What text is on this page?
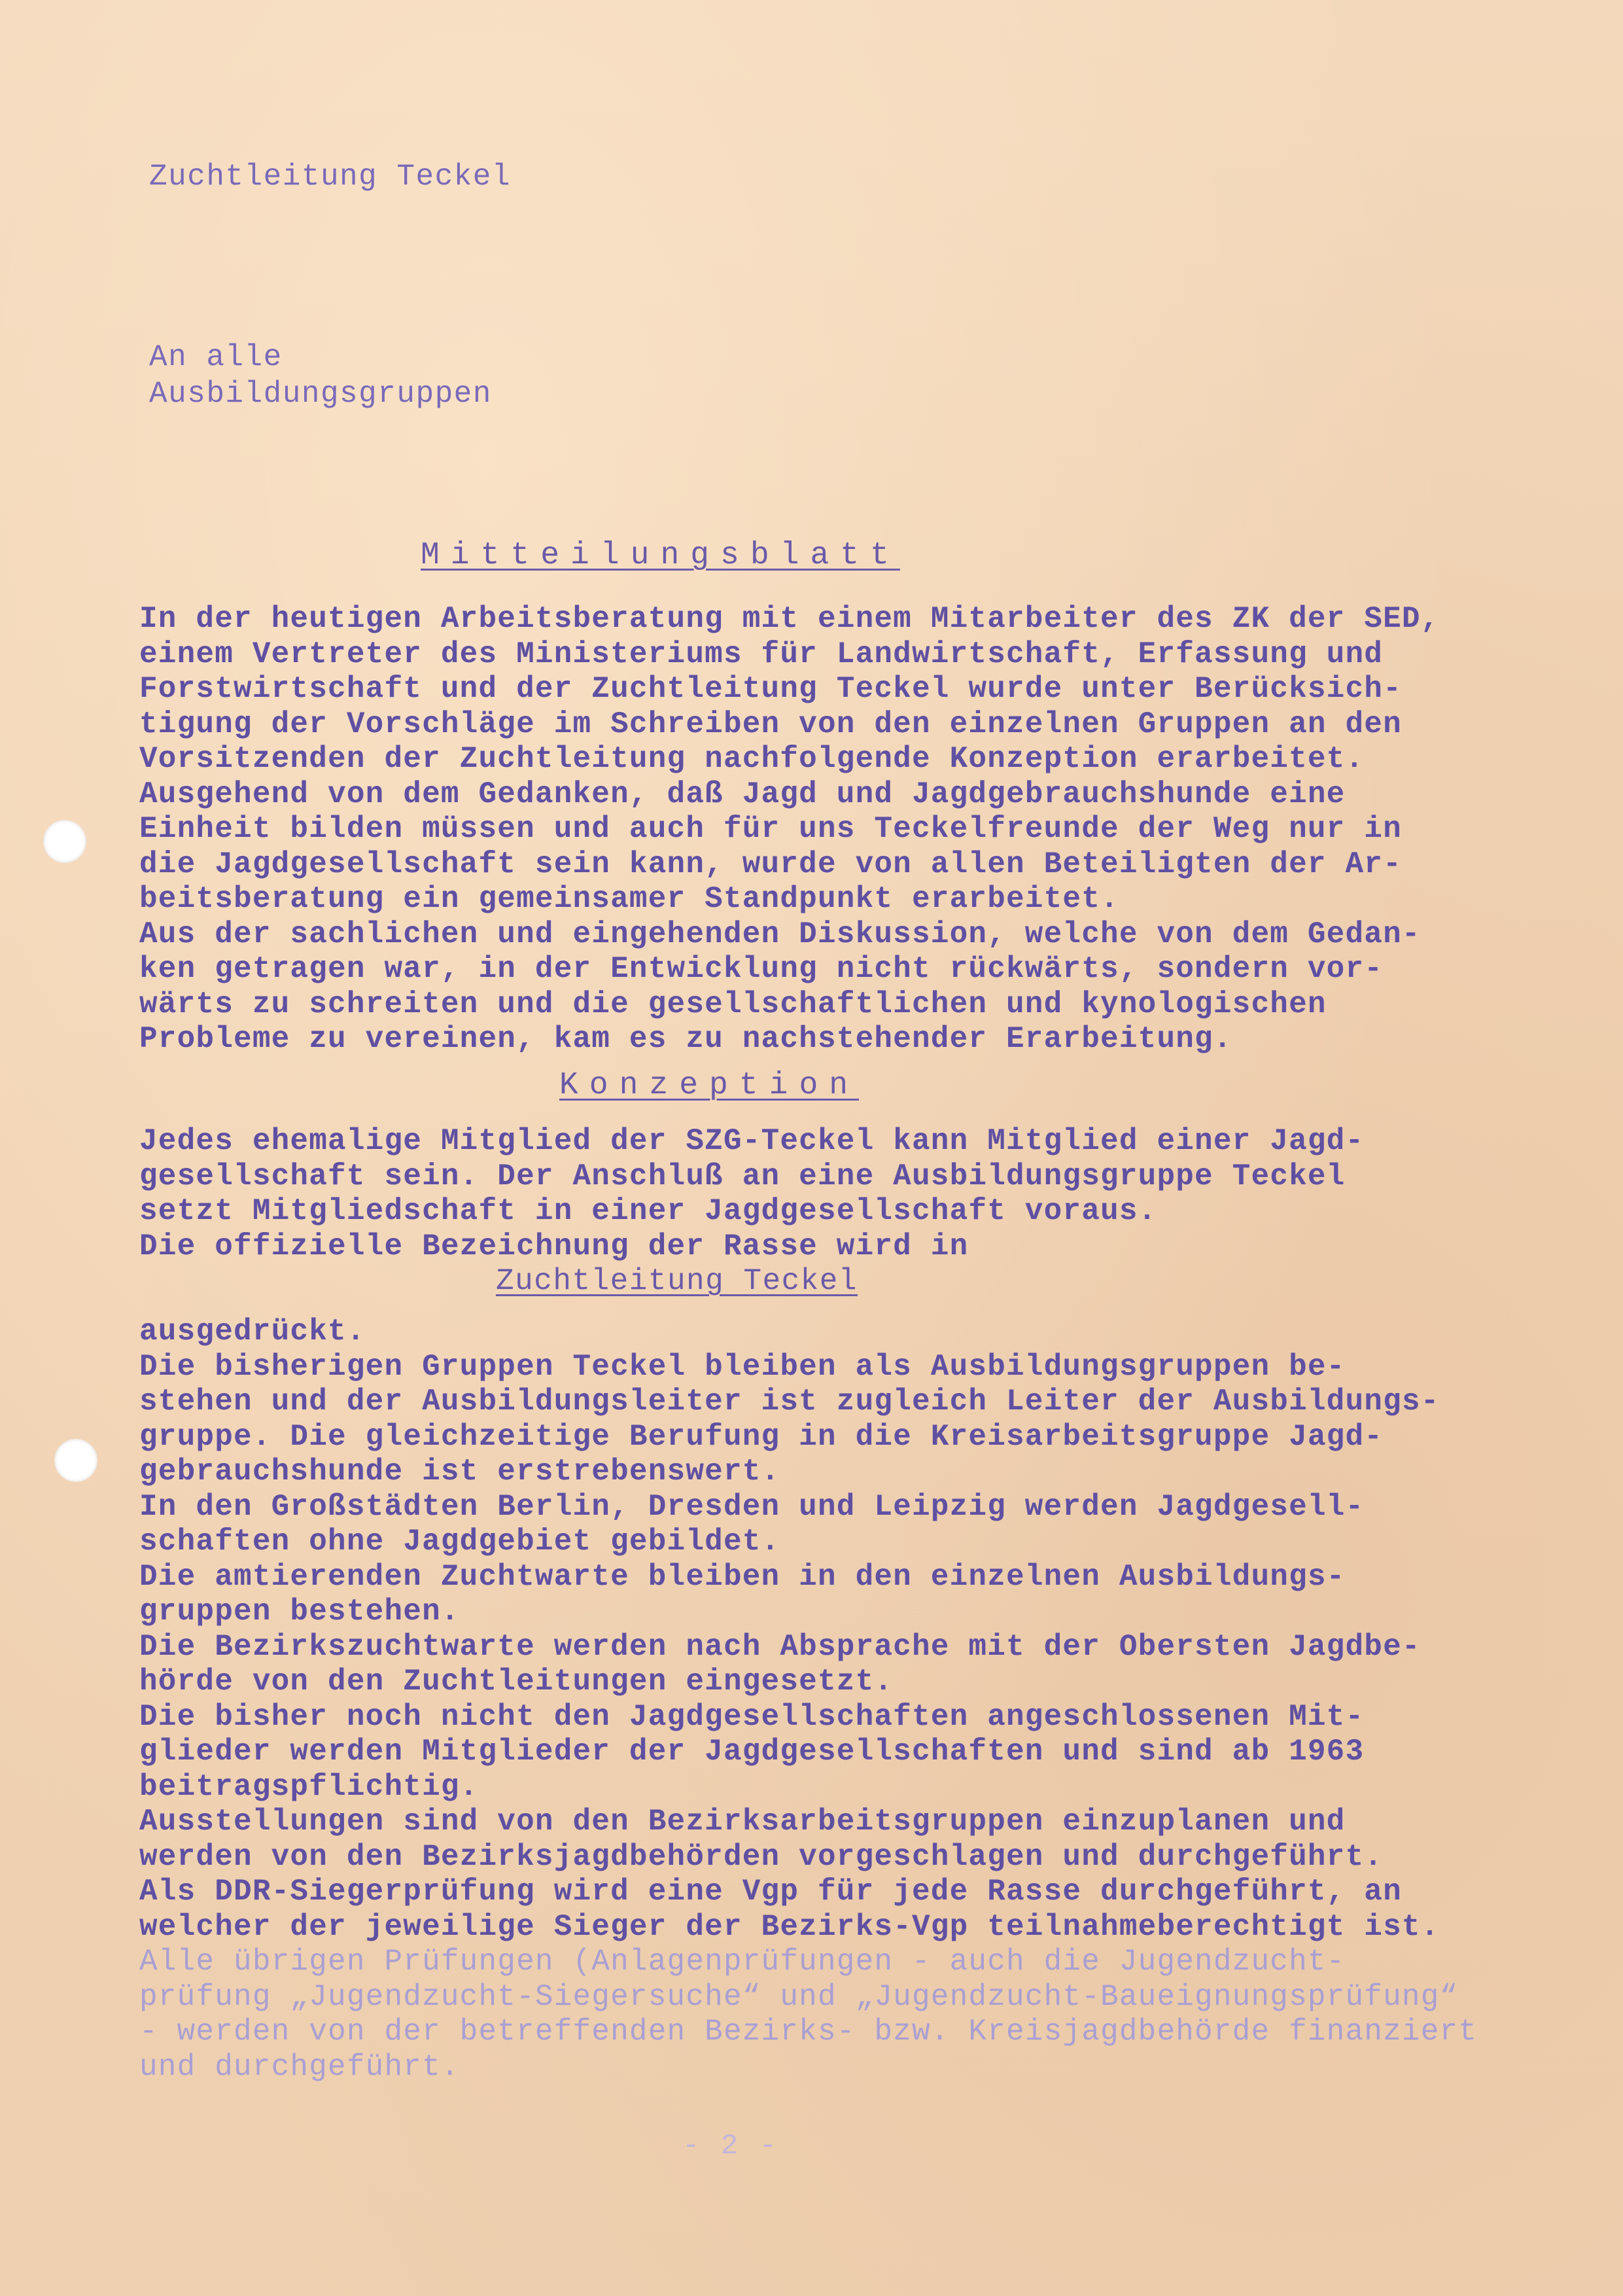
Zuchtleitung Teckel
An alle
Ausbildungsgruppen
Mitteilungsblatt
In der heutigen Arbeitsberatung mit einem Mitarbeiter des ZK der SED,
einem Vertreter des Ministeriums für Landwirtschaft, Erfassung und
Forstwirtschaft und der Zuchtleitung Teckel wurde unter Berücksich-
tigung der Vorschläge im Schreiben von den einzelnen Gruppen an den
Vorsitzenden der Zuchtleitung nachfolgende Konzeption erarbeitet.
Ausgehend von dem Gedanken, daß Jagd und Jagdgebrauchshunde eine
Einheit bilden müssen und auch für uns Teckelfreunde der Weg nur in
die Jagdgesellschaft sein kann, wurde von allen Beteiligten der Ar-
beitsberatung ein gemeinsamer Standpunkt erarbeitet.
Aus der sachlichen und eingehenden Diskussion, welche von dem Gedan-
ken getragen war, in der Entwicklung nicht rückwärts, sondern vor-
wärts zu schreiten und die gesellschaftlichen und kynologischen
Probleme zu vereinen, kam es zu nachstehender Erarbeitung.
Konzeption
Jedes ehemalige Mitglied der SZG-Teckel kann Mitglied einer Jagd-
gesellschaft sein. Der Anschluß an eine Ausbildungsgruppe Teckel
setzt Mitgliedschaft in einer Jagdgesellschaft voraus.
Die offizielle Bezeichnung der Rasse wird in
Zuchtleitung Teckel
ausgedrückt.
Die bisherigen Gruppen Teckel bleiben als Ausbildungsgruppen be-
stehen und der Ausbildungsleiter ist zugleich Leiter der Ausbildungs-
gruppe. Die gleichzeitige Berufung in die Kreisarbeitsgruppe Jagd-
gebrauchshunde ist erstrebenswert.
In den Großstädten Berlin, Dresden und Leipzig werden Jagdgesell-
schaften ohne Jagdgebiet gebildet.
Die amtierenden Zuchtwarte bleiben in den einzelnen Ausbildungs-
gruppen bestehen.
Die Bezirkszuchtwarte werden nach Absprache mit der Obersten Jagdbe-
hörde von den Zuchtleitungen eingesetzt.
Die bisher noch nicht den Jagdgesellschaften angeschlossenen Mit-
glieder werden Mitglieder der Jagdgesellschaften und sind ab 1963
beitragspflichtig.
Ausstellungen sind von den Bezirksarbeitsgruppen einzuplanen und
werden von den Bezirksjagdbehörden vorgeschlagen und durchgeführt.
Als DDR-Siegerprüfung wird eine Vgp für jede Rasse durchgeführt, an
welcher der jeweilige Sieger der Bezirks-Vgp teilnahmeberechtigt ist.
Alle übrigen Prüfungen (Anlagenprüfungen - auch die Jugendzucht-
prüfung „Jugendzucht-Siegersuche“ und „Jugendzucht-Baueignungsprüfung“
- werden von der betreffenden Bezirks- bzw. Kreisjagdbehörde finanziert
und durchgeführt.
- 2 -
